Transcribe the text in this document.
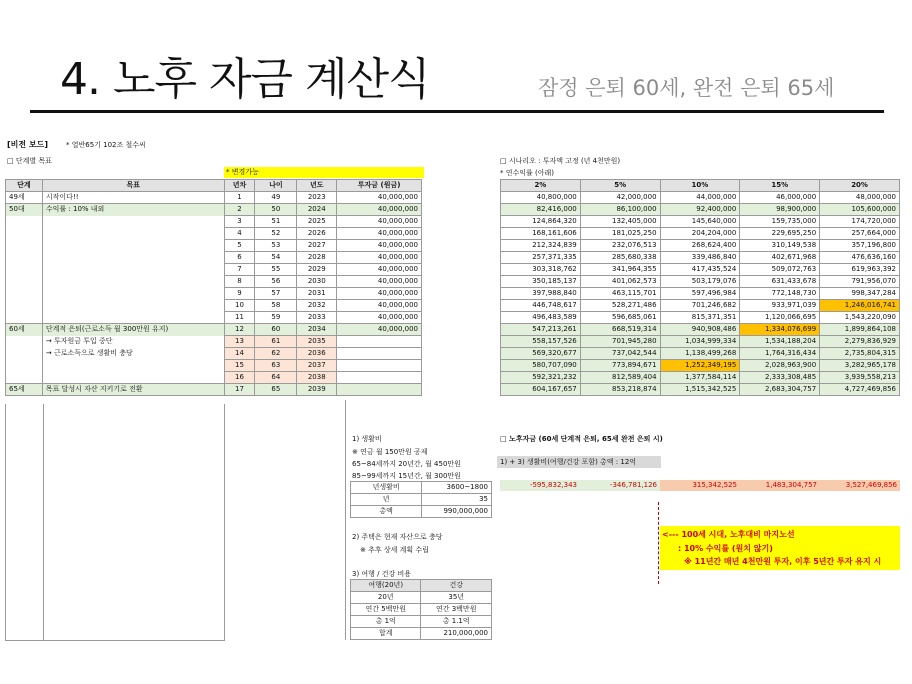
4. 노후 자금 계산식	잠정 은퇴 60세, 완전 은퇴 65세
[비전 보드]	* 열반65기 102조 철수씨
□ 단계별 목표
* 변경가능
단계	목표	년차	나이	년도	투자금 (원금)
49세	시작이다!!	1	49	2023	40,000,000
50대	수익률 : 10% 내외	2	50	2024	40,000,000
		3	51	2025	40,000,000
		4	52	2026	40,000,000
		5	53	2027	40,000,000
		6	54	2028	40,000,000
		7	55	2029	40,000,000
		8	56	2030	40,000,000
		9	57	2031	40,000,000
		10	58	2032	40,000,000
		11	59	2033	40,000,000
60세	단계적 은퇴(근로소득 월 300만원 유지)	12	60	2034	40,000,000
	→ 투자원금 투입 중단	13	61	2035	
	→ 근로소득으로 생활비 충당	14	62	2036	
		15	63	2037	
		16	64	2038	
65세	목표 달성시 자산 지키기로 전환	17	65	2039	
□ 시나리오 : 투자액 고정 (년 4천만원)
* 연수익률 (아래)
2%	5%	10%	15%	20%
40,800,000	42,000,000	44,000,000	46,000,000	48,000,000
82,416,000	86,100,000	92,400,000	98,900,000	105,600,000
124,864,320	132,405,000	145,640,000	159,735,000	174,720,000
168,161,606	181,025,250	204,204,000	229,695,250	257,664,000
212,324,839	232,076,513	268,624,400	310,149,538	357,196,800
257,371,335	285,680,338	339,486,840	402,671,968	476,636,160
303,318,762	341,964,355	417,435,524	509,072,763	619,963,392
350,185,137	401,062,573	503,179,076	631,433,678	791,956,070
397,988,840	463,115,701	597,496,984	772,148,730	998,347,284
446,748,617	528,271,486	701,246,682	933,971,039	1,246,016,741
496,483,589	596,685,061	815,371,351	1,120,066,695	1,543,220,090
547,213,261	668,519,314	940,908,486	1,334,076,699	1,899,864,108
558,157,526	701,945,280	1,034,999,334	1,534,188,204	2,279,836,929
569,320,677	737,042,544	1,138,499,268	1,764,316,434	2,735,804,315
580,707,090	773,894,671	1,252,349,195	2,028,963,900	3,282,965,178
592,321,232	812,589,404	1,377,584,114	2,333,308,485	3,939,558,213
604,167,657	853,218,874	1,515,342,525	2,683,304,757	4,727,469,856
1) 생활비
※ 연금 월 150만원 공제
65~84세까지 20년간, 월 450만원
85~99세까지 15년간, 월 300만원
년생활비	3600~1800
년	35
총액	990,000,000
2) 주택은 현재 자산으로 충당
※ 추후 상세 계획 수립
3) 여행 / 건강 비용
여행(20년)	건강
20년	35년
연간 5백만원	연간 3백만원
총 1억	총 1.1억
합계	210,000,000
□ 노후자금 (60세 단계적 은퇴, 65세 완전 은퇴 시)
1) + 3) 생활비(여행/건강 포함) 총액 : 12억
-595,832,343	-346,781,126	315,342,525	1,483,304,757	3,527,469,856
<--- 100세 시대, 노후대비 마지노선
: 10% 수익률 (원치 않기)
※ 11년간 매년 4천만원 투자, 이후 5년간 투자 유지 시
